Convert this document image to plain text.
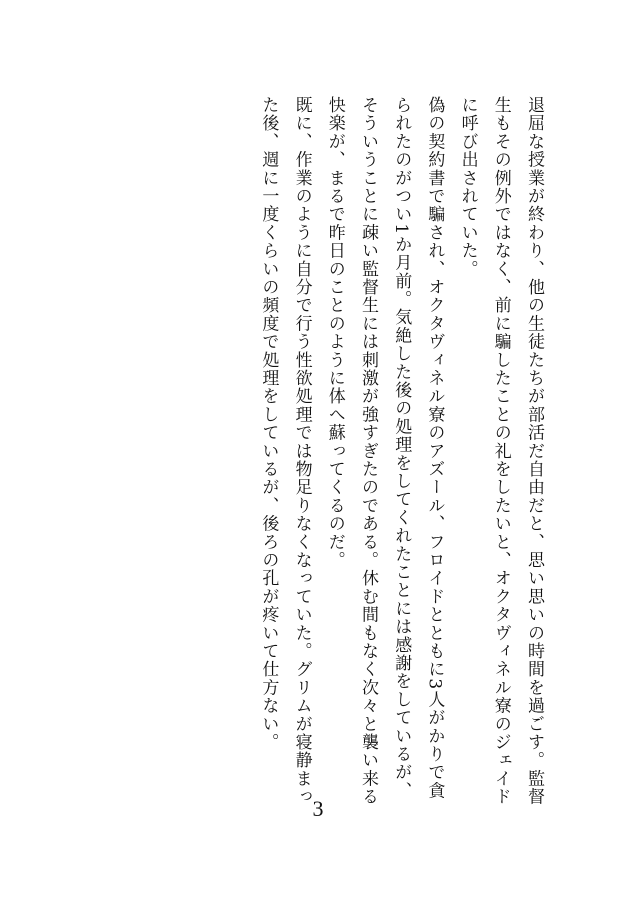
退屈な授業が終わり、他の生徒たちが部活だ自由だと、思い思いの時間を過ごす。監督生もその例外ではなく、前に騙したことの礼をしたいと、オクタヴィネル寮のジェイドに呼び出されていた。

偽の契約書で騙され、オクタヴィネル寮のアズール、フロイドとともに3人がかりで貪られたのがつい1か月前。気絶した後の処理をしてくれたことには感謝をしているが、そういうことに疎い監督生には刺激が強すぎたのである。休む間もなく次々と襲い来る快楽が、まるで昨日のことのように体へ蘇ってくるのだ。

既に、作業のように自分で行う性欲処理では物足りなくなっていた。グリムが寝静まった後、週に一度くらいの頻度で処理をしているが、後ろの孔が疼いて仕方ない。

3
